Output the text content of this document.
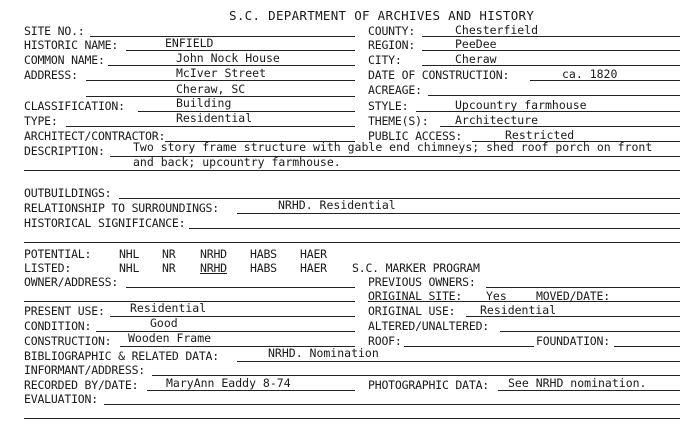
S.C. DEPARTMENT OF ARCHIVES AND HISTORY
SITE NO.:
HISTORIC NAME:	ENFIELD
COMMON NAME:	John Nock House
ADDRESS:	McIver Street
Cheraw, SC
CLASSIFICATION:	Building
TYPE:	Residential
ARCHITECT/CONTRACTOR:
DESCRIPTION: Two story frame structure with gable end chimneys; shed roof porch on front
and back; upcountry farmhouse.
COUNTY:	Chesterfield
REGION:	PeeDee
CITY:	Cheraw
DATE OF CONSTRUCTION:	ca. 1820
ACREAGE:
STYLE:	Upcountry farmhouse
THEME(S): Architecture
PUBLIC ACCESS:	Restricted
OUTBUILDINGS:
RELATIONSHIP TO SURROUNDINGS:	NRHD. Residential
HISTORICAL SIGNIFICANCE:
POTENTIAL: NHL NR NRHD HABS HAER
LISTED:	NHL NR NRHD HABS HAER S.C. MARKER PROGRAM
OWNER/ADDRESS:	PREVIOUS OWNERS:
ORIGINAL SITE: Yes	MOVED/DATE:
PRESENT USE: Residential	ORIGINAL USE: Residential
CONDITION:	Good	ALTERED/UNALTERED:
CONSTRUCTION: Wooden Frame	ROOF:	FOUNDATION:
BIBLIOGRAPHIC & RELATED DATA:	NRHD. Nomination
INFORMANT/ADDRESS:
RECORDED BY/DATE: MaryAnn Eaddy 8-74	PHOTOGRAPHIC DATA: See NRHD nomination.
EVALUATION:
